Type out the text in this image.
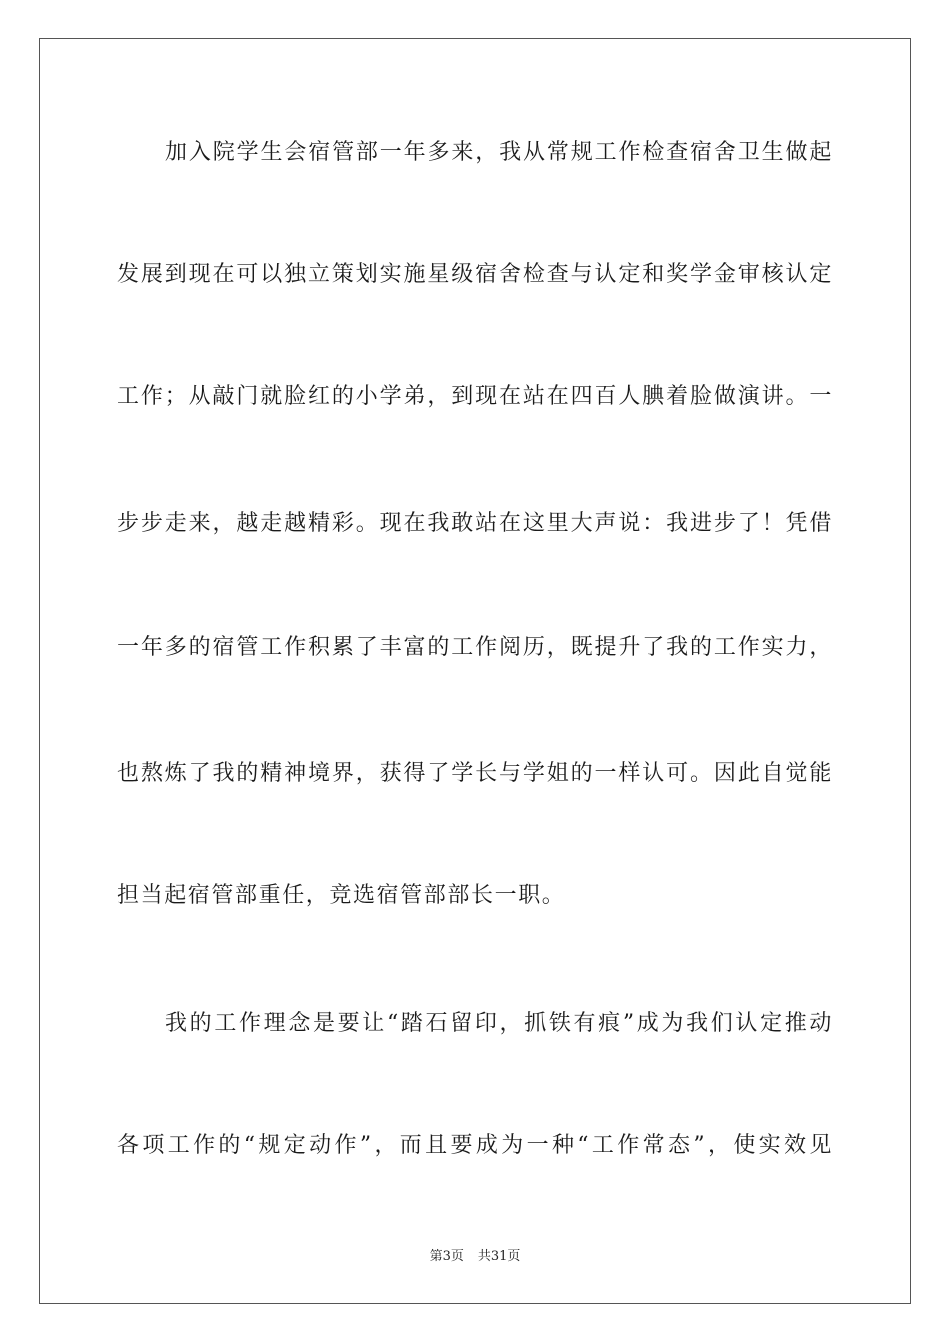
加入院学生会宿管部一年多来，我从常规工作检查宿舍卫生做起
发展到现在可以独立策划实施星级宿舍检查与认定和奖学金审核认定
工作；从敲门就脸红的小学弟，到现在站在四百人腆着脸做演讲。一
步步走来，越走越精彩。现在我敢站在这里大声说：我进步了！凭借
一年多的宿管工作积累了丰富的工作阅历，既提升了我的工作实力，
也熬炼了我的精神境界，获得了学长与学姐的一样认可。因此自觉能
担当起宿管部重任，竞选宿管部部长一职。
我的工作理念是要让“踏石留印，抓铁有痕”成为我们认定推动
各项工作的“规定动作”，而且要成为一种“工作常态”，使实效见
第3页 共31页
